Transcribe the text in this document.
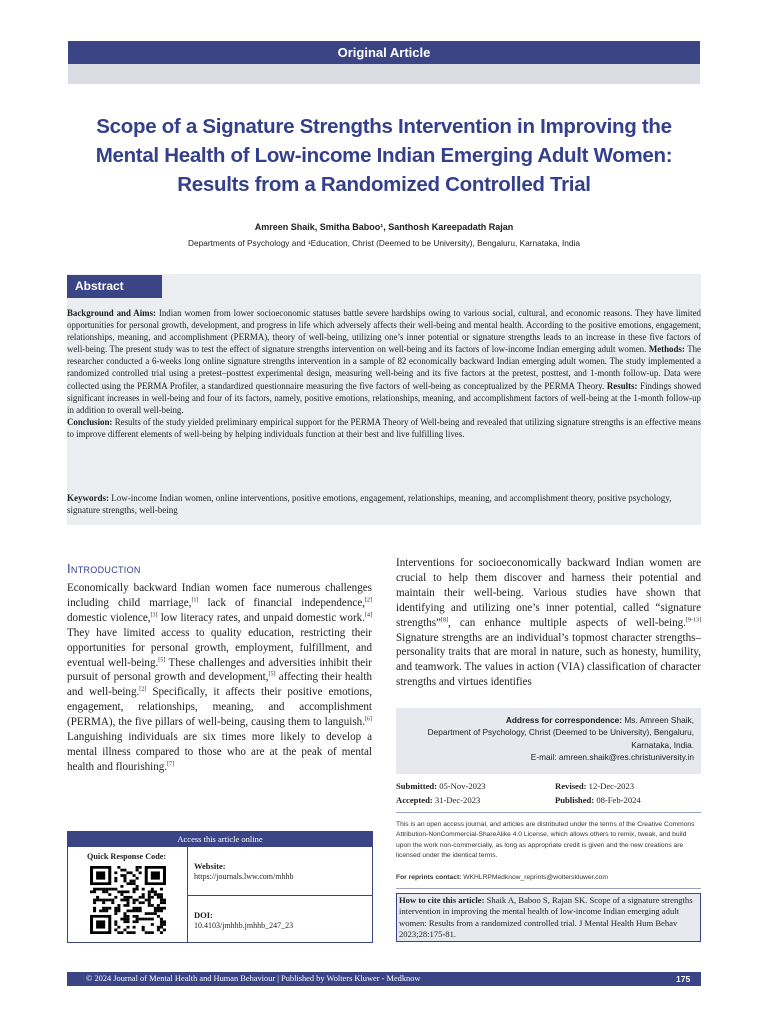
Original Article
Scope of a Signature Strengths Intervention in Improving the Mental Health of Low-income Indian Emerging Adult Women: Results from a Randomized Controlled Trial
Amreen Shaik, Smitha Baboo¹, Santhosh Kareepadath Rajan
Departments of Psychology and ¹Education, Christ (Deemed to be University), Bengaluru, Karnataka, India
Abstract
Background and Aims: Indian women from lower socioeconomic statuses battle severe hardships owing to various social, cultural, and economic reasons. They have limited opportunities for personal growth, development, and progress in life which adversely affects their well-being and mental health. According to the positive emotions, engagement, relationships, meaning, and accomplishment (PERMA), theory of well-being, utilizing one’s inner potential or signature strengths leads to an increase in these five factors of well-being. The present study was to test the effect of signature strengths intervention on well-being and its factors of low-income Indian emerging adult women. Methods: The researcher conducted a 6-weeks long online signature strengths intervention in a sample of 82 economically backward Indian emerging adult women. The study implemented a randomized controlled trial using a pretest–posttest experimental design, measuring well-being and its five factors at the pretest, posttest, and 1-month follow-up. Data were collected using the PERMA Profiler, a standardized questionnaire measuring the five factors of well-being as conceptualized by the PERMA Theory. Results: Findings showed significant increases in well-being and four of its factors, namely, positive emotions, relationships, meaning, and accomplishment factors of well-being at the 1-month follow-up in addition to overall well-being.
Conclusion: Results of the study yielded preliminary empirical support for the PERMA Theory of Well-being and revealed that utilizing signature strengths is an effective means to improve different elements of well-being by helping individuals function at their best and live fulfilling lives.
Keywords: Low-income Indian women, online interventions, positive emotions, engagement, relationships, meaning, and accomplishment theory, positive psychology, signature strengths, well-being
Introduction
Economically backward Indian women face numerous challenges including child marriage,[1] lack of financial independence,[2] domestic violence,[3] low literacy rates, and unpaid domestic work.[4] They have limited access to quality education, restricting their opportunities for personal growth, employment, fulfillment, and eventual well-being.[5] These challenges and adversities inhibit their pursuit of personal growth and development,[5] affecting their health and well-being.[2] Specifically, it affects their positive emotions, engagement, relationships, meaning, and accomplishment (PERMA), the five pillars of well-being, causing them to languish.[6] Languishing individuals are six times more likely to develop a mental illness compared to those who are at the peak of mental health and flourishing.[7]
Interventions for socioeconomically backward Indian women are crucial to help them discover and harness their potential and maintain their well-being. Various studies have shown that identifying and utilizing one’s inner potential, called “signature strengths”[8], can enhance multiple aspects of well-being.[9-13] Signature strengths are an individual’s topmost character strengths–personality traits that are moral in nature, such as honesty, humility, and teamwork. The values in action (VIA) classification of character strengths and virtues identifies
Access this article online
Quick Response Code:
Website:
https://journals.lww.com/mhhb
DOI:
10.4103/jmhhb.jmhhb_247_23
Address for correspondence: Ms. Amreen Shaik,
Department of Psychology, Christ (Deemed to be University), Bengaluru,
Karnataka, India.
E-mail: amreen.shaik@res.christuniversity.in
Submitted: 05-Nov-2023	Revised: 12-Dec-2023
Accepted: 31-Dec-2023	Published: 08-Feb-2024
This is an open access journal, and articles are distributed under the terms of the Creative Commons Attribution-NonCommercial-ShareAlike 4.0 License, which allows others to remix, tweak, and build upon the work non-commercially, as long as appropriate credit is given and the new creations are licensed under the identical terms.
For reprints contact: WKHLRPMedknow_reprints@wolterskluwer.com
How to cite this article: Shaik A, Baboo S, Rajan SK. Scope of a signature strengths intervention in improving the mental health of low-income Indian emerging adult women: Results from a randomized controlled trial. J Mental Health Hum Behav 2023;28:175-81.
© 2024 Journal of Mental Health and Human Behaviour | Published by Wolters Kluwer - Medknow	175
